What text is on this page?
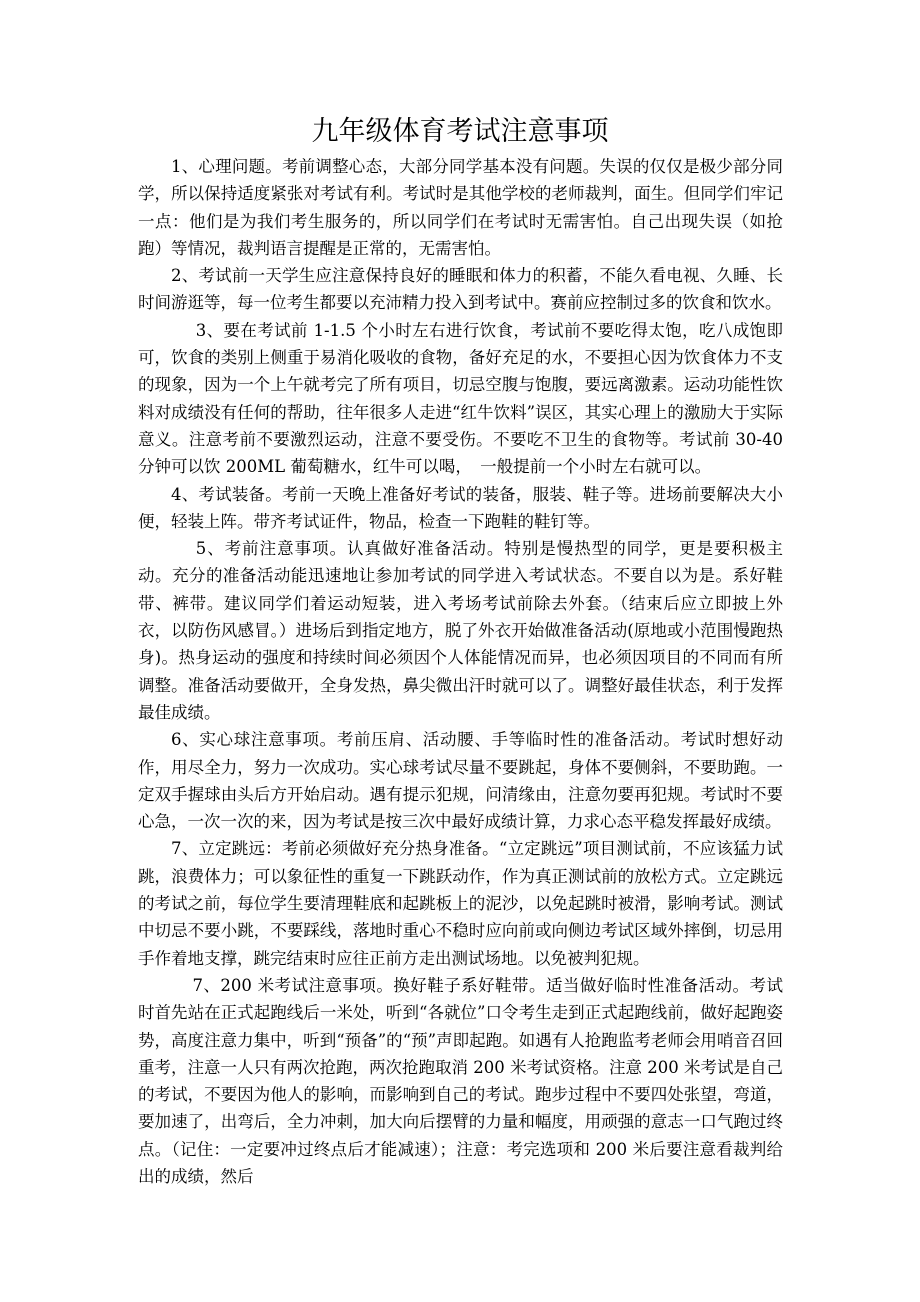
九年级体育考试注意事项

1、心理问题。考前调整心态，大部分同学基本没有问题。失误的仅仅是极少部分同学，所以保持适度紧张对考试有利。考试时是其他学校的老师裁判，面生。但同学们牢记一点：他们是为我们考生服务的，所以同学们在考试时无需害怕。自己出现失误（如抢跑）等情况，裁判语言提醒是正常的，无需害怕。

2、考试前一天学生应注意保持良好的睡眠和体力的积蓄，不能久看电视、久睡、长时间游逛等，每一位考生都要以充沛精力投入到考试中。赛前应控制过多的饮食和饮水。

3、要在考试前 1-1.5 个小时左右进行饮食，考试前不要吃得太饱，吃八成饱即可，饮食的类别上侧重于易消化吸收的食物，备好充足的水，不要担心因为饮食体力不支的现象，因为一个上午就考完了所有项目，切忌空腹与饱腹，要远离激素。运动功能性饮料对成绩没有任何的帮助，往年很多人走进“红牛饮料”误区，其实心理上的激励大于实际意义。注意考前不要激烈运动，注意不要受伤。不要吃不卫生的食物等。考试前 30-40 分钟可以饮 200ML 葡萄糖水，红牛可以喝，　一般提前一个小时左右就可以。

4、考试装备。考前一天晚上准备好考试的装备，服装、鞋子等。进场前要解决大小便，轻装上阵。带齐考试证件，物品，检查一下跑鞋的鞋钉等。

5、考前注意事项。认真做好准备活动。特别是慢热型的同学，更是要积极主动。充分的准备活动能迅速地让参加考试的同学进入考试状态。不要自以为是。系好鞋带、裤带。建议同学们着运动短装，进入考场考试前除去外套。（结束后应立即披上外衣，以防伤风感冒。）进场后到指定地方，脱了外衣开始做准备活动(原地或小范围慢跑热身)。热身运动的强度和持续时间必须因个人体能情况而异，也必须因项目的不同而有所调整。准备活动要做开，全身发热，鼻尖微出汗时就可以了。调整好最佳状态，利于发挥最佳成绩。

6、实心球注意事项。考前压肩、活动腰、手等临时性的准备活动。考试时想好动作，用尽全力，努力一次成功。实心球考试尽量不要跳起，身体不要侧斜，不要助跑。一定双手握球由头后方开始启动。遇有提示犯规，问清缘由，注意勿要再犯规。考试时不要心急，一次一次的来，因为考试是按三次中最好成绩计算，力求心态平稳发挥最好成绩。

7、立定跳远：考前必须做好充分热身准备。“立定跳远”项目测试前，不应该猛力试跳，浪费体力；可以象征性的重复一下跳跃动作，作为真正测试前的放松方式。立定跳远的考试之前，每位学生要清理鞋底和起跳板上的泥沙，以免起跳时被滑，影响考试。测试中切忌不要小跳，不要踩线，落地时重心不稳时应向前或向侧边考试区域外摔倒，切忌用手作着地支撑，跳完结束时应往正前方走出测试场地。以免被判犯规。

7、200 米考试注意事项。换好鞋子系好鞋带。适当做好临时性准备活动。考试时首先站在正式起跑线后一米处，听到“各就位”口令考生走到正式起跑线前，做好起跑姿势，高度注意力集中，听到“预备”的“预”声即起跑。如遇有人抢跑监考老师会用哨音召回重考，注意一人只有两次抢跑，两次抢跑取消 200 米考试资格。注意 200 米考试是自己的考试，不要因为他人的影响，而影响到自己的考试。跑步过程中不要四处张望，弯道，要加速了，出弯后，全力冲刺，加大向后摆臂的力量和幅度，用顽强的意志一口气跑过终点。（记住：一定要冲过终点后才能减速）；注意：考完选项和 200 米后要注意看裁判给出的成绩，然后
